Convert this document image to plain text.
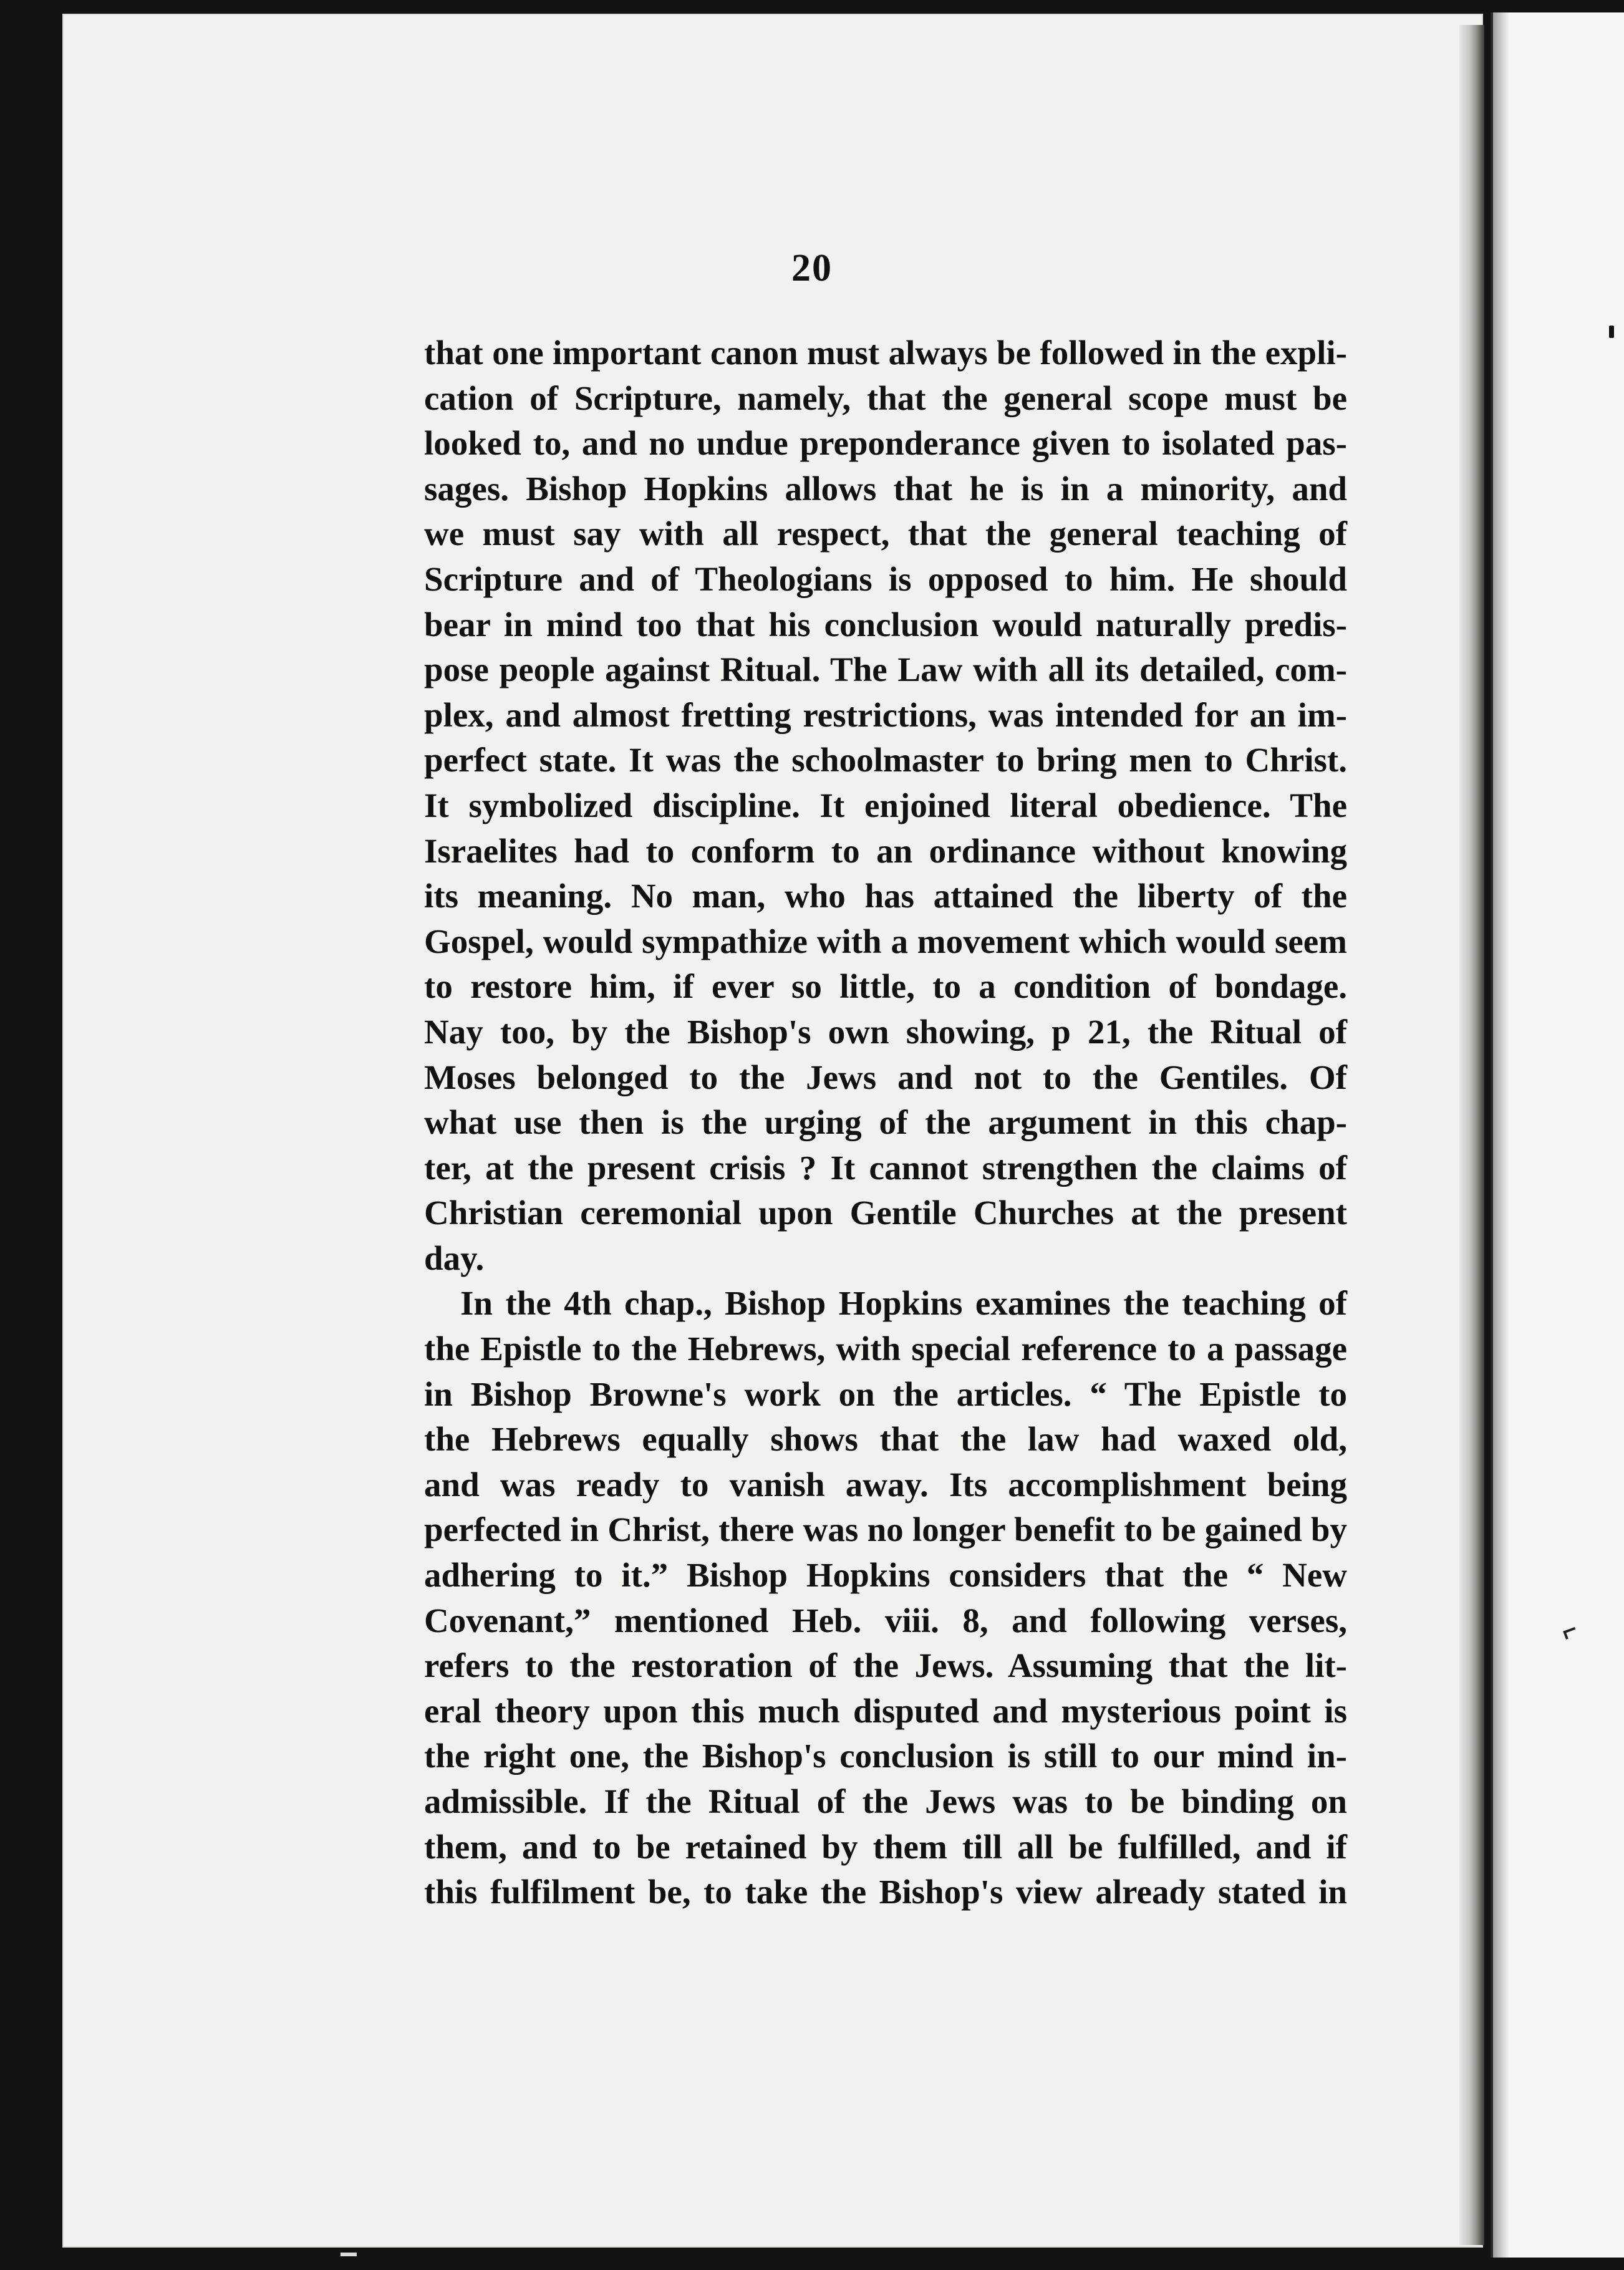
20
that one important canon must always be followed in the expli-
cation of Scripture, namely, that the general scope must be
looked to, and no undue preponderance given to isolated pas-
sages. Bishop Hopkins allows that he is in a minority, and
we must say with all respect, that the general teaching of
Scripture and of Theologians is opposed to him. He should
bear in mind too that his conclusion would naturally predis-
pose people against Ritual. The Law with all its detailed, com-
plex, and almost fretting restrictions, was intended for an im-
perfect state. It was the schoolmaster to bring men to Christ.
It symbolized discipline. It enjoined literal obedience. The
Israelites had to conform to an ordinance without knowing
its meaning. No man, who has attained the liberty of the
Gospel, would sympathize with a movement which would seem
to restore him, if ever so little, to a condition of bondage.
Nay too, by the Bishop's own showing, p 21, the Ritual of
Moses belonged to the Jews and not to the Gentiles. Of
what use then is the urging of the argument in this chap-
ter, at the present crisis ? It cannot strengthen the claims of
Christian ceremonial upon Gentile Churches at the present
day.
In the 4th chap., Bishop Hopkins examines the teaching of
the Epistle to the Hebrews, with special reference to a passage
in Bishop Browne's work on the articles. “ The Epistle to
the Hebrews equally shows that the law had waxed old,
and was ready to vanish away. Its accomplishment being
perfected in Christ, there was no longer benefit to be gained by
adhering to it.” Bishop Hopkins considers that the “ New
Covenant,” mentioned Heb. viii. 8, and following verses,
refers to the restoration of the Jews. Assuming that the lit-
eral theory upon this much disputed and mysterious point is
the right one, the Bishop's conclusion is still to our mind in-
admissible. If the Ritual of the Jews was to be binding on
them, and to be retained by them till all be fulfilled, and if
this fulfilment be, to take the Bishop's view already stated in
